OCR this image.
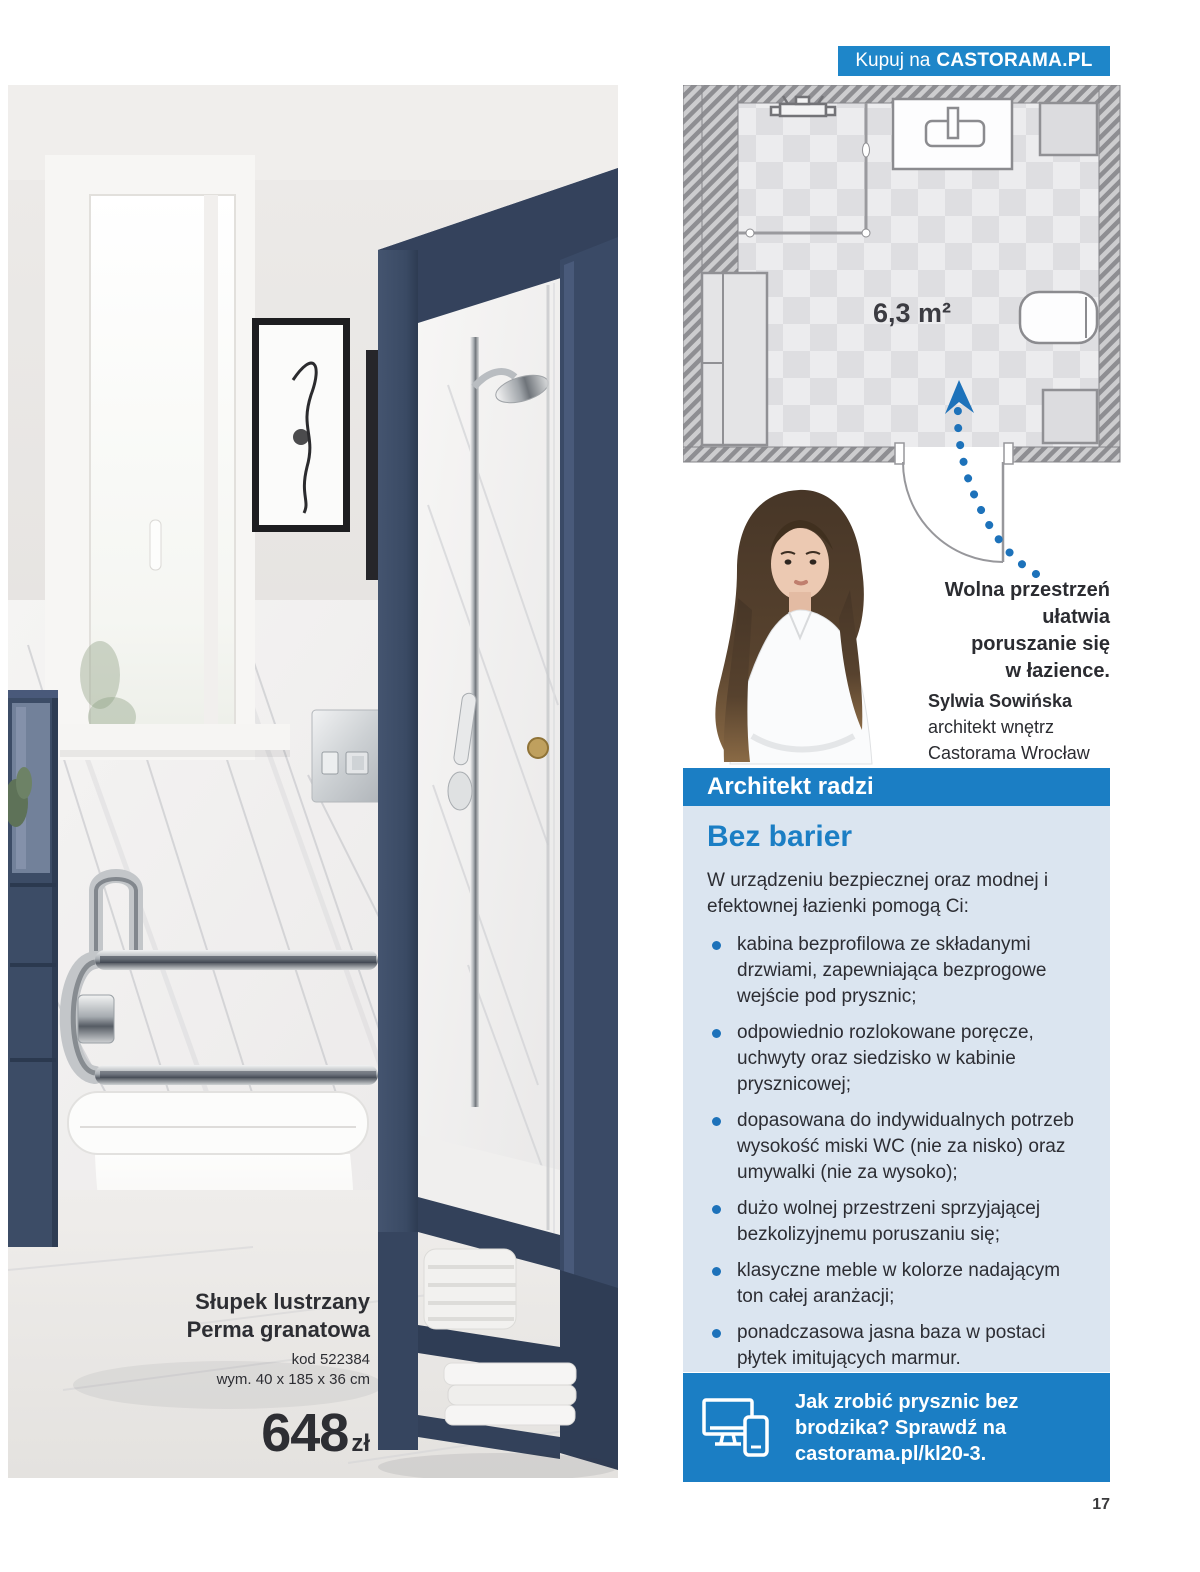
Słupek lustrzany
Perma granatowa
kod 522384
wym. 40 x 185 x 36 cm
648 zł
Kupuj na CASTORAMA.PL
6,3 m²
Wolna przestrzeń
ułatwia
poruszanie się
w łazience.
Sylwia Sowińska
architekt wnętrz
Castorama Wrocław
Architekt radzi
Bez barier

W urządzeniu bezpiecznej oraz modnej i efektownej łazienki pomogą Ci:

kabina bezprofilowa ze składanymi drzwiami, zapewniająca bezprogowe wejście pod prysznic;
odpowiednio rozlokowane poręcze, uchwyty oraz siedzisko w kabinie prysznicowej;
dopasowana do indywidualnych potrzeb wysokość miski WC (nie za nisko) oraz umywalki (nie za wysoko);
dużo wolnej przestrzeni sprzyjającej bezkolizyjnemu poruszaniu się;
klasyczne meble w kolorze nadającym ton całej aranżacji;
ponadczasowa jasna baza w postaci płytek imitujących marmur.
Jak zrobić prysznic bez brodzika? Sprawdź na castorama.pl/kl20-3.
17
